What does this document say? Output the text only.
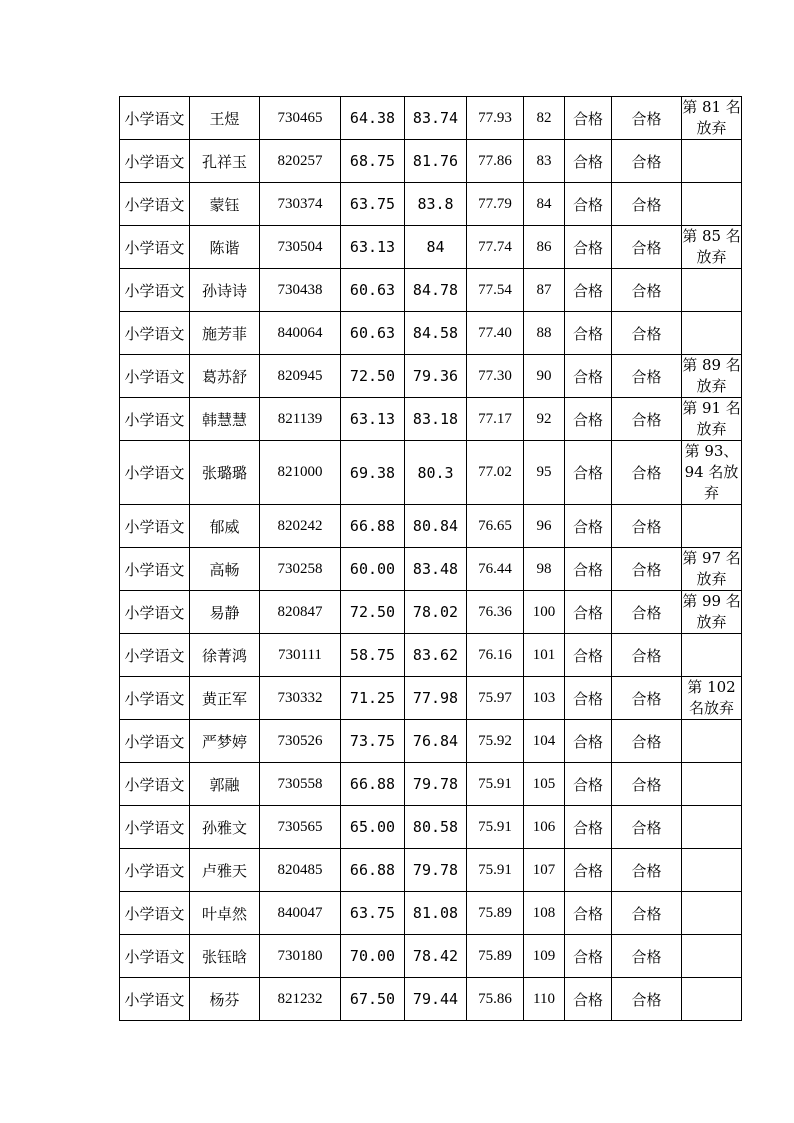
小学语文	王煜	730465	64.38	83.74	77.93	82	合格	合格	第 81 名放弃
小学语文	孔祥玉	820257	68.75	81.76	77.86	83	合格	合格	
小学语文	蒙钰	730374	63.75	83.8	77.79	84	合格	合格	
小学语文	陈谐	730504	63.13	84	77.74	86	合格	合格	第 85 名放弃
小学语文	孙诗诗	730438	60.63	84.78	77.54	87	合格	合格	
小学语文	施芳菲	840064	60.63	84.58	77.40	88	合格	合格	
小学语文	葛苏舒	820945	72.50	79.36	77.30	90	合格	合格	第 89 名放弃
小学语文	韩慧慧	821139	63.13	83.18	77.17	92	合格	合格	第 91 名放弃
小学语文	张璐璐	821000	69.38	80.3	77.02	95	合格	合格	第 93、94 名放弃
小学语文	郁威	820242	66.88	80.84	76.65	96	合格	合格	
小学语文	高畅	730258	60.00	83.48	76.44	98	合格	合格	第 97 名放弃
小学语文	易静	820847	72.50	78.02	76.36	100	合格	合格	第 99 名放弃
小学语文	徐菁鸿	730111	58.75	83.62	76.16	101	合格	合格	
小学语文	黄正军	730332	71.25	77.98	75.97	103	合格	合格	第 102 名放弃
小学语文	严梦婷	730526	73.75	76.84	75.92	104	合格	合格	
小学语文	郭融	730558	66.88	79.78	75.91	105	合格	合格	
小学语文	孙雅文	730565	65.00	80.58	75.91	106	合格	合格	
小学语文	卢雅天	820485	66.88	79.78	75.91	107	合格	合格	
小学语文	叶卓然	840047	63.75	81.08	75.89	108	合格	合格	
小学语文	张钰晗	730180	70.00	78.42	75.89	109	合格	合格	
小学语文	杨芬	821232	67.50	79.44	75.86	110	合格	合格	
